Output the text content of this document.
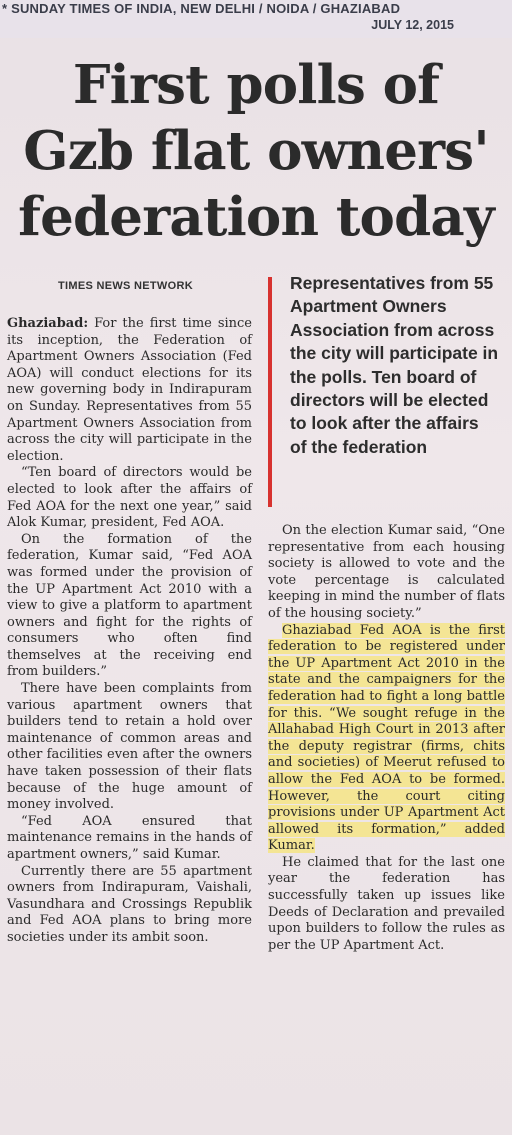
* SUNDAY TIMES OF INDIA, NEW DELHI / NOIDA / GHAZIABAD
JULY 12, 2015
First polls of Gzb flat owners' federation today
TIMES NEWS NETWORK	Representatives from 55 Apartment Owners Association from across the city will participate in the polls. Ten board of directors will be elected to look after the affairs of the federation

Ghaziabad: For the first time since its inception, the Federation of Apartment Owners Association (Fed AOA) will conduct elections for its new governing body in Indirapuram on Sunday. Representatives from 55 Apartment Owners Association from across the city will participate in the election.

“Ten board of directors would be elected to look after the affairs of Fed AOA for the next one year,” said Alok Kumar, president, Fed AOA.

On the formation of the federation, Kumar said, “Fed AOA was formed under the provision of the UP Apartment Act 2010 with a view to give a platform to apartment owners and fight for the rights of consumers who often find themselves at the receiving end from builders.”

There have been complaints from various apartment owners that builders tend to retain a hold over maintenance of common areas and other facilities even after the owners have taken possession of their flats because of the huge amount of money involved.

“Fed AOA ensured that maintenance remains in the hands of apartment owners,” said Kumar.

Currently there are 55 apartment owners from Indirapuram, Vaishali, Vasundhara and Crossings Republik and Fed AOA plans to bring more societies under its ambit soon.

On the election Kumar said, “One representative from each housing society is allowed to vote and the vote percentage is calculated keeping in mind the number of flats of the housing society.”

Ghaziabad Fed AOA is the first federation to be registered under the UP Apartment Act 2010 in the state and the campaigners for the federation had to fight a long battle for this. “We sought refuge in the Allahabad High Court in 2013 after the deputy registrar (firms, chits and societies) of Meerut refused to allow the Fed AOA to be formed. However, the court citing provisions under UP Apartment Act allowed its formation,” added Kumar.

He claimed that for the last one year the federation has successfully taken up issues like Deeds of Declaration and prevailed upon builders to follow the rules as per the UP Apartment Act.
